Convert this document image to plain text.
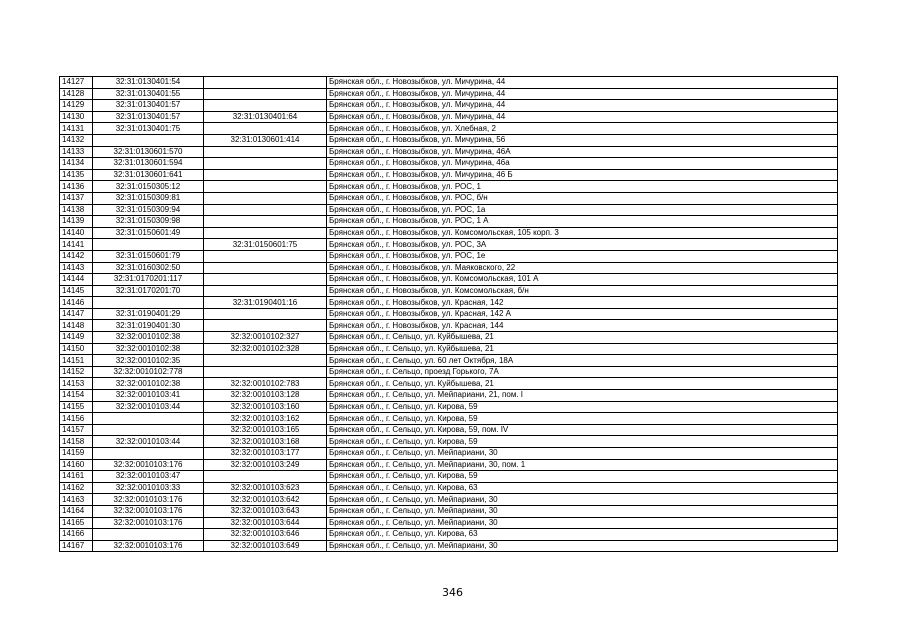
14127	32:31:0130401:54		Брянская обл., г. Новозыбков, ул. Мичурина, 44
14128	32:31:0130401:55		Брянская обл., г. Новозыбков, ул. Мичурина, 44
14129	32:31:0130401:57		Брянская обл., г. Новозыбков, ул. Мичурина, 44
14130	32:31:0130401:57	32:31:0130401:64	Брянская обл., г. Новозыбков, ул. Мичурина, 44
14131	32:31:0130401:75		Брянская обл., г. Новозыбков, ул. Хлебная, 2
14132		32:31:0130601:414	Брянская обл., г. Новозыбков, ул. Мичурина, 56
14133	32:31:0130601:570		Брянская обл., г. Новозыбков, ул. Мичурина, 46А
14134	32:31:0130601:594		Брянская обл., г. Новозыбков, ул. Мичурина, 46а
14135	32:31:0130601:641		Брянская обл., г. Новозыбков, ул. Мичурина, 46 Б
14136	32:31:0150305:12		Брянская обл., г. Новозыбков, ул. РОС, 1
14137	32:31:0150309:81		Брянская обл., г. Новозыбков, ул. РОС, б/н
14138	32:31:0150309:94		Брянская обл., г. Новозыбков, ул. РОС, 1а
14139	32:31:0150309:98		Брянская обл., г. Новозыбков, ул. РОС, 1 А
14140	32:31:0150601:49		Брянская обл., г. Новозыбков, ул. Комсомольская, 105 корп. 3
14141		32:31:0150601:75	Брянская обл., г. Новозыбков, ул. РОС, 3А
14142	32:31:0150601:79		Брянская обл., г. Новозыбков, ул. РОС, 1е
14143	32:31:0160302:50		Брянская обл., г. Новозыбков, ул. Маяковского, 22
14144	32:31:0170201:117		Брянская обл., г. Новозыбков, ул. Комсомольская, 101 А
14145	32:31:0170201:70		Брянская обл., г. Новозыбков, ул. Комсомольская, б/н
14146		32:31:0190401:16	Брянская обл., г. Новозыбков, ул. Красная, 142
14147	32:31:0190401:29		Брянская обл., г. Новозыбков, ул. Красная, 142 А
14148	32:31:0190401:30		Брянская обл., г. Новозыбков, ул. Красная, 144
14149	32:32:0010102:38	32:32:0010102:327	Брянская обл., г. Сельцо, ул. Куйбышева, 21
14150	32:32:0010102:38	32:32:0010102:328	Брянская обл., г. Сельцо, ул. Куйбышева, 21
14151	32:32:0010102:35		Брянская обл., г. Сельцо, ул. 60 лет Октября, 18А
14152	32:32:0010102:778		Брянская обл., г. Сельцо, проезд Горького, 7А
14153	32:32:0010102:38	32:32:0010102:783	Брянская обл., г. Сельцо, ул. Куйбышева, 21
14154	32:32:0010103:41	32:32:0010103:128	Брянская обл., г. Сельцо, ул. Мейпариани, 21, пом. I
14155	32:32:0010103:44	32:32:0010103:160	Брянская обл., г. Сельцо, ул. Кирова, 59
14156		32:32:0010103:162	Брянская обл., г. Сельцо, ул. Кирова, 59
14157		32:32:0010103:165	Брянская обл., г. Сельцо, ул. Кирова, 59, пом. IV
14158	32:32:0010103:44	32:32:0010103:168	Брянская обл., г. Сельцо, ул. Кирова, 59
14159		32:32:0010103:177	Брянская обл., г. Сельцо, ул. Мейпариани, 30
14160	32:32:0010103:176	32:32:0010103:249	Брянская обл., г. Сельцо, ул. Мейпариани, 30, пом. 1
14161	32:32:0010103:47		Брянская обл., г. Сельцо, ул. Кирова, 59
14162	32:32:0010103:33	32:32:0010103:623	Брянская обл., г. Сельцо, ул. Кирова, 63
14163	32:32:0010103:176	32:32:0010103:642	Брянская обл., г. Сельцо, ул. Мейпариани, 30
14164	32:32:0010103:176	32:32:0010103:643	Брянская обл., г. Сельцо, ул. Мейпариани, 30
14165	32:32:0010103:176	32:32:0010103:644	Брянская обл., г. Сельцо, ул. Мейпариани, 30
14166		32:32:0010103:646	Брянская обл., г. Сельцо, ул. Кирова, 63
14167	32:32:0010103:176	32:32:0010103:649	Брянская обл., г. Сельцо, ул. Мейпариани, 30
346
